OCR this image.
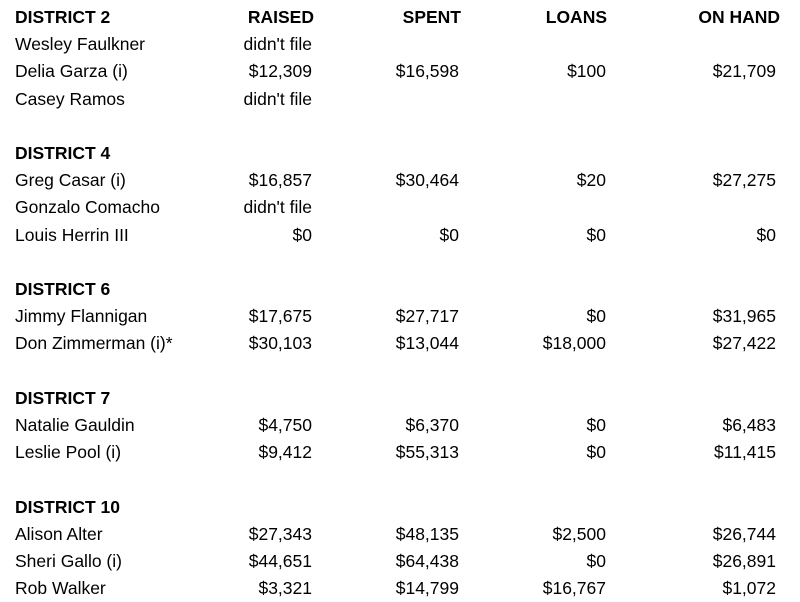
DISTRICT 2	RAISED	SPENT	LOANS	ON HAND
Wesley Faulkner	didn't file
Delia Garza (i)	$12,309	$16,598	$100	$21,709
Casey Ramos	didn't file
DISTRICT 4
Greg Casar (i)	$16,857	$30,464	$20	$27,275
Gonzalo Comacho	didn't file
Louis Herrin III	$0	$0	$0	$0
DISTRICT 6
Jimmy Flannigan	$17,675	$27,717	$0	$31,965
Don Zimmerman (i)*	$30,103	$13,044	$18,000	$27,422
DISTRICT 7
Natalie Gauldin	$4,750	$6,370	$0	$6,483
Leslie Pool (i)	$9,412	$55,313	$0	$11,415
DISTRICT 10
Alison Alter	$27,343	$48,135	$2,500	$26,744
Sheri Gallo (i)	$44,651	$64,438	$0	$26,891
Rob Walker	$3,321	$14,799	$16,767	$1,072
